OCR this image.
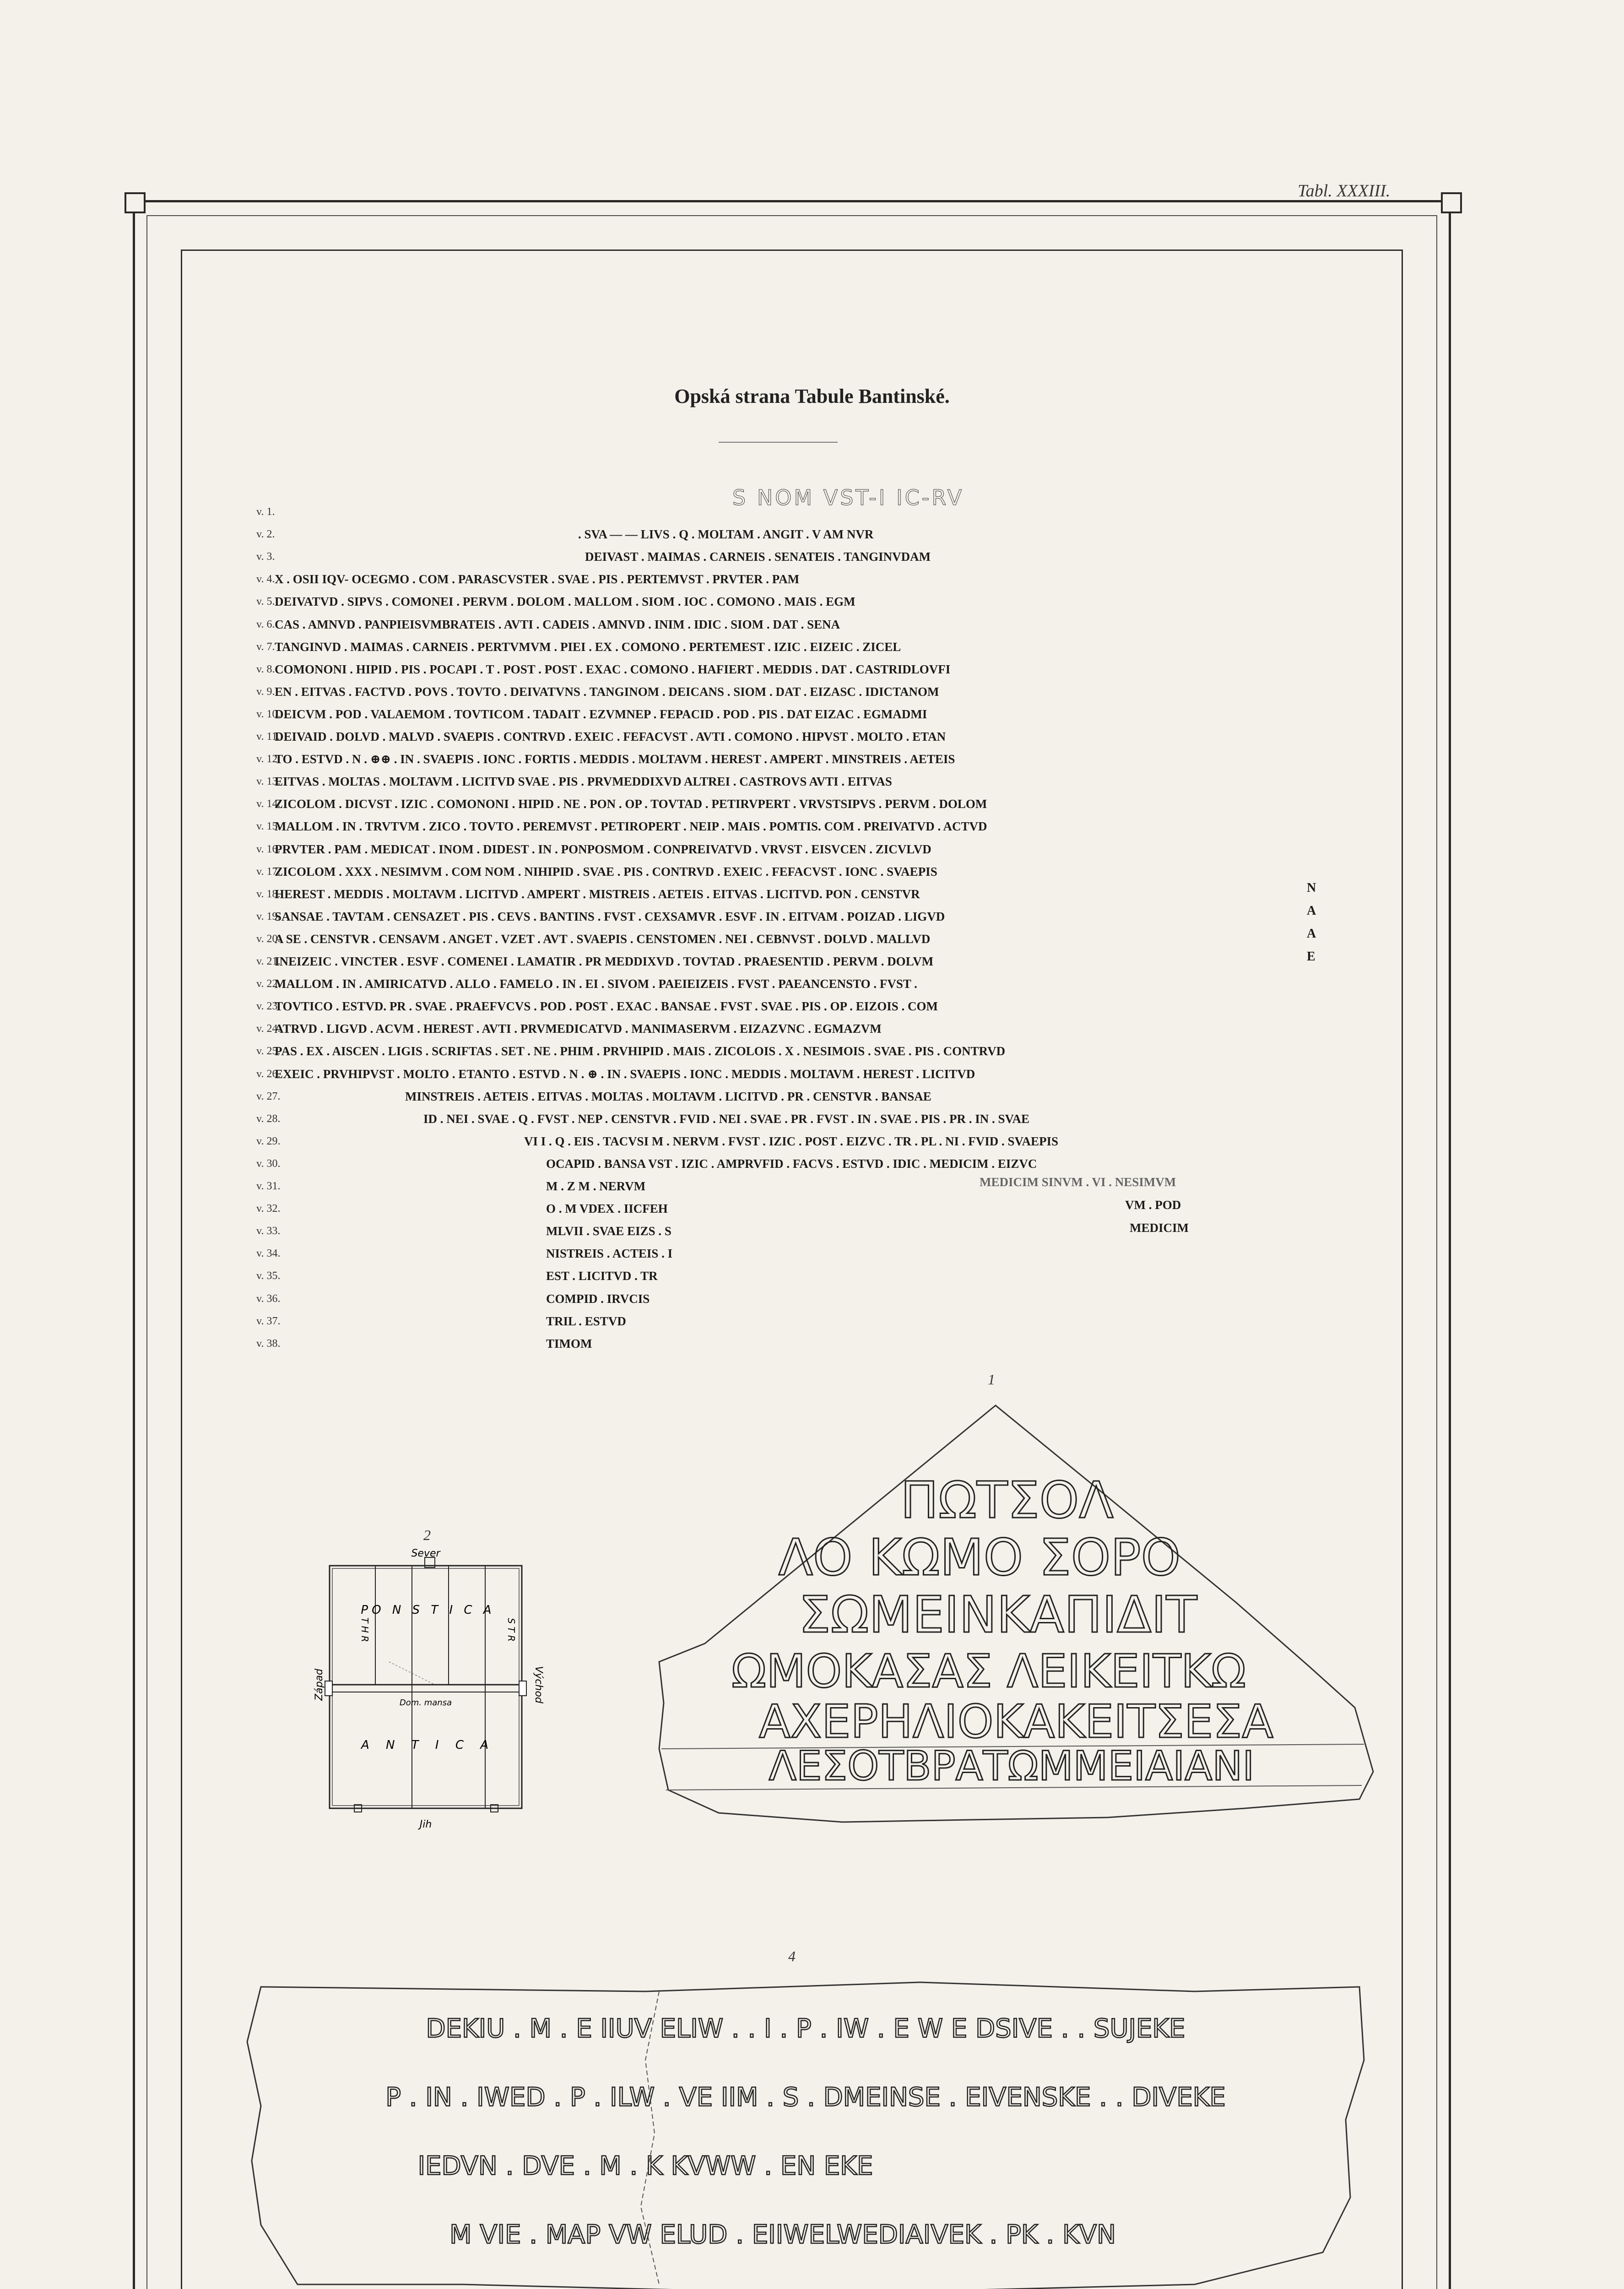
Tabl. XXXIII.
Opská strana Tabule Bantinské.
S NOM VST-I IC-RV
v. 1.
v. 2.
v. 3.
v. 4.
v. 5.
v. 6.
v. 7.
v. 8.
v. 9.
v. 10.
v. 11.
v. 12.
v. 13.
v. 14.
v. 15.
v. 16.
v. 17.
v. 18.
v. 19.
v. 20.
v. 21.
v. 22.
v. 23.
v. 24.
v. 25.
v. 26.
v. 27.
v. 28.
v. 29.
v. 30.
v. 31.
v. 32.
v. 33.
v. 34.
v. 35.
v. 36.
v. 37.
v. 38.
. SVA — — LIVS . Q . MOLTAM . ANGIT . V AM NVR
DEIVAST . MAIMAS . CARNEIS . SENATEIS . TANGINVDAM
X . OSII IQV- OCEGMO . COM . PARASCVSTER . SVAE . PIS . PERTEMVST . PRVTER . PAM
DEIVATVD . SIPVS . COMONEI . PERVM . DOLOM . MALLOM . SIOM . IOC . COMONO . MAIS . EGM
CAS . AMNVD . PANPIEISVMBRATEIS . AVTI . CADEIS . AMNVD . INIM . IDIC . SIOM . DAT . SENA
TANGINVD . MAIMAS . CARNEIS . PERTVMVM . PIEI . EX . COMONO . PERTEMEST . IZIC . EIZEIC . ZICEL
COMONONI . HIPID . PIS . POCAPI . T . POST . POST . EXAC . COMONO . HAFIERT . MEDDIS . DAT . CASTRIDLOVFI
EN . EITVAS . FACTVD . POVS . TOVTO . DEIVATVNS . TANGINOM . DEICANS . SIOM . DAT . EIZASC . IDICTANOM
DEICVM . POD . VALAEMOM . TOVTICOM . TADAIT . EZVMNEP . FEPACID . POD . PIS . DAT EIZAC . EGMADMI
DEIVAID . DOLVD . MALVD . SVAEPIS . CONTRVD . EXEIC . FEFACVST . AVTI . COMONO . HIPVST . MOLTO . ETAN
TO . ESTVD . N . ⊕⊕ . IN . SVAEPIS . IONC . FORTIS . MEDDIS . MOLTAVM . HEREST . AMPERT . MINSTREIS . AETEIS
EITVAS . MOLTAS . MOLTAVM . LICITVD SVAE . PIS . PRVMEDDIXVD ALTREI . CASTROVS AVTI . EITVAS
ZICOLOM . DICVST . IZIC . COMONONI . HIPID . NE . PON . OP . TOVTAD . PETIRVPERT . VRVSTSIPVS . PERVM . DOLOM
MALLOM . IN . TRVTVM . ZICO . TOVTO . PEREMVST . PETIROPERT . NEIP . MAIS . POMTIS. COM . PREIVATVD . ACTVD
PRVTER . PAM . MEDICAT . INOM . DIDEST . IN . PONPOSMOM . CONPREIVATVD . VRVST . EISVCEN . ZICVLVD
ZICOLOM . XXX . NESIMVM . COM NOM . NIHIPID . SVAE . PIS . CONTRVD . EXEIC . FEFACVST . IONC . SVAEPIS
HEREST . MEDDIS . MOLTAVM . LICITVD . AMPERT . MISTREIS . AETEIS . EITVAS . LICITVD. PON . CENSTVR
SANSAE . TAVTAM . CENSAZET . PIS . CEVS . BANTINS . FVST . CEXSAMVR . ESVF . IN . EITVAM . POIZAD . LIGVD
A SE . CENSTVR . CENSAVM . ANGET . VZET . AVT . SVAEPIS . CENSTOMEN . NEI . CEBNVST . DOLVD . MALLVD
INEIZEIC . VINCTER . ESVF . COMENEI . LAMATIR . PR MEDDIXVD . TOVTAD . PRAESENTID . PERVM . DOLVM
MALLOM . IN . AMIRICATVD . ALLO . FAMELO . IN . EI . SIVOM . PAEIEIZEIS . FVST . PAEANCENSTO . FVST .
TOVTICO . ESTVD. PR . SVAE . PRAEFVCVS . POD . POST . EXAC . BANSAE . FVST . SVAE . PIS . OP . EIZOIS . COM
ATRVD . LIGVD . ACVM . HEREST . AVTI . PRVMEDICATVD . MANIMASERVM . EIZAZVNC . EGMAZVM
PAS . EX . AISCEN . LIGIS . SCRIFTAS . SET . NE . PHIM . PRVHIPID . MAIS . ZICOLOIS . X . NESIMOIS . SVAE . PIS . CONTRVD
EXEIC . PRVHIPVST . MOLTO . ETANTO . ESTVD . N . ⊕ . IN . SVAEPIS . IONC . MEDDIS . MOLTAVM . HEREST . LICITVD
MINSTREIS . AETEIS . EITVAS . MOLTAS . MOLTAVM . LICITVD . PR . CENSTVR . BANSAE
ID . NEI . SVAE . Q . FVST . NEP . CENSTVR . FVID . NEI . SVAE . PR . FVST . IN . SVAE . PIS . PR . IN . SVAE
VI I . Q . EIS . TACVSI M . NERVM . FVST . IZIC . POST . EIZVC . TR . PL . NI . FVID . SVAEPIS
OCAPID . BANSA VST . IZIC . AMPRVFID . FACVS . ESTVD . IDIC . MEDICIM . EIZVC
M . Z M . NERVM
O . M VDEX . IICFEH
MLVII . SVAE EIZS . S
NISTREIS . ACTEIS . I
EST . LICITVD . TR
COMPID . IRVCIS
TRIL . ESTVD
TIMOM
MEDICIM SINVM . VI . NESIMVM
VM . POD
MEDICIM
N
A
A
E
2
Sever
Jih
Západ	Východ
Dom. mansa
PO N S T I C A
A N T I C A
T H R	S T R
1
ΠΩΤΣΟΛ
ΛΟ ΚΩΜΟ ΣΟΡΟ
ΣΩΜΕΙΝΚΑΠΙΔΙΤ
ΩΜΟΚΑΣΑΣ ΛΕΙΚΕΙΤΚΩ
ΑΧΕΡΗΛΙΟΚΑΚΕΙΤΣΕΣΑ
ΛΕΣΟΤΒΡΑΤΩΜΜΕΙΑΙΑΝΙ
4
DEKIU . M . E IIUV ELIW . . I . P . IW . E W E DSIVE . . SUJEKE
P . IN . IWED . P . ILW . VE IIM . S . DMEINSE . EIVENSKE . . DIVEKE
IEDVN . DVE . M . K KVWW . EN EKE
M VIE . MAP VW ELUD . EIIWELWEDIAIVEK . PK . KVN
